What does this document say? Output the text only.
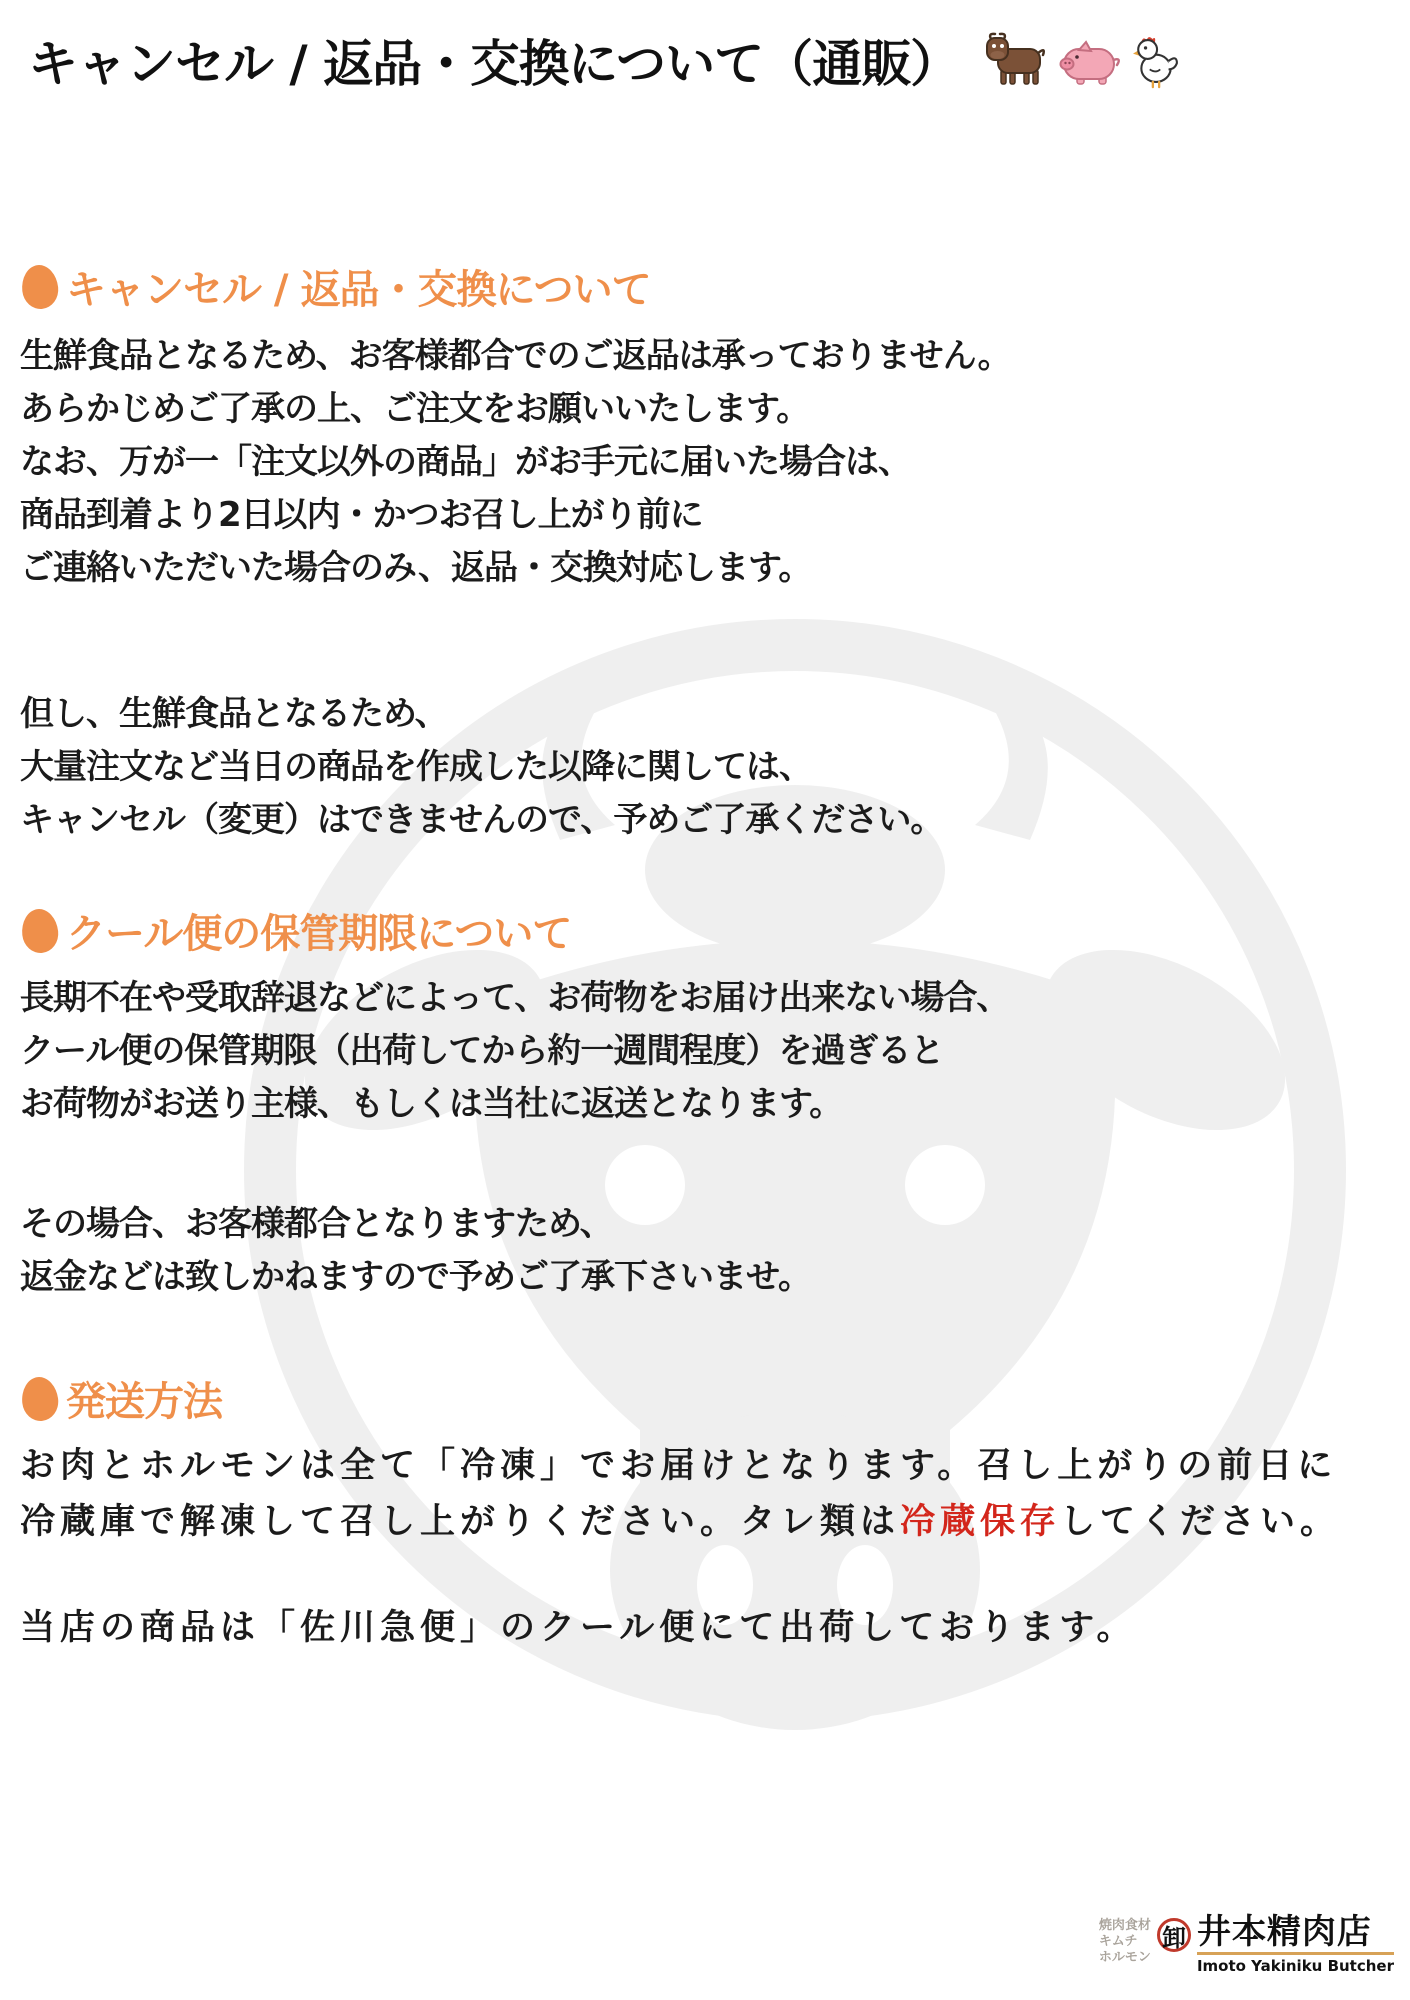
キャンセル / 返品・交換について（通販）
キャンセル / 返品・交換について
生鮮食品となるため、お客様都合でのご返品は承っておりません。
あらかじめご了承の上、ご注文をお願いいたします。
なお、万が一「注文以外の商品」がお手元に届いた場合は、
商品到着より2日以内・かつお召し上がり前に
ご連絡いただいた場合のみ、返品・交換対応します。
但し、生鮮食品となるため、
大量注文など当日の商品を作成した以降に関しては、
キャンセル（変更）はできませんので、予めご了承ください。
クール便の保管期限について
長期不在や受取辞退などによって、お荷物をお届け出来ない場合、
クール便の保管期限（出荷してから約一週間程度）を過ぎると
お荷物がお送り主様、もしくは当社に返送となります。
その場合、お客様都合となりますため、
返金などは致しかねますので予めご了承下さいませ。
発送方法
お肉とホルモンは全て「冷凍」でお届けとなります。召し上がりの前日に
冷蔵庫で解凍して召し上がりください。タレ類は冷蔵保存してください。
当店の商品は「佐川急便」のクール便にて出荷しております。
焼肉食材
キムチ
ホルモン
卸 井本精肉店
Imoto Yakiniku Butcher
